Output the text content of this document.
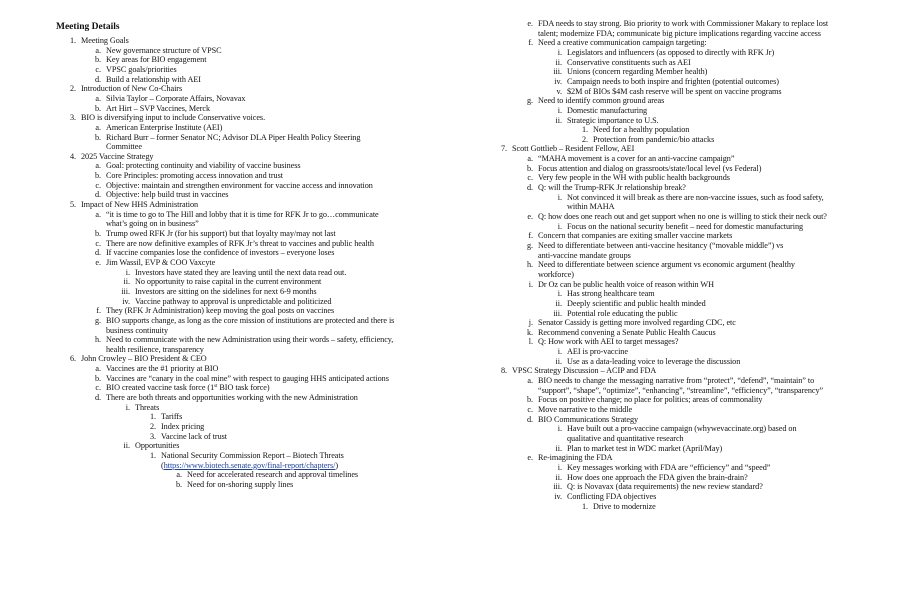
Meeting Details
1. Meeting Goals
a. New governance structure of VPSC
b. Key areas for BIO engagement
c. VPSC goals/priorities
d. Build a relationship with AEI
2. Introduction of New Co-Chairs
a. Silvia Taylor – Corporate Affairs, Novavax
b. Art Hirt – SVP Vaccines, Merck
3. BIO is diversifying input to include Conservative voices.
a. American Enterprise Institute (AEI)
b. Richard Burr – former Senator NC; Advisor DLA Piper Health Policy Steering
Committee
4. 2025 Vaccine Strategy
a. Goal: protecting continuity and viability of vaccine business
b. Core Principles: promoting access innovation and trust
c. Objective: maintain and strengthen environment for vaccine access and innovation
d. Objective: help build trust in vaccines
5. Impact of New HHS Administration
a. “it is time to go to The Hill and lobby that it is time for RFK Jr to go…communicate
what’s going on in business”
b. Trump owed RFK Jr (for his support) but that loyalty may/may not last
c. There are now definitive examples of RFK Jr’s threat to vaccines and public health
d. If vaccine companies lose the confidence of investors – everyone loses
e. Jim Wassil, EVP & COO Vaxcyte
i. Investors have stated they are leaving until the next data read out.
ii. No opportunity to raise capital in the current environment
iii. Investors are sitting on the sidelines for next 6-9 months
iv. Vaccine pathway to approval is unpredictable and politicized
f. They (RFK Jr Administration) keep moving the goal posts on vaccines
g. BIO supports change, as long as the core mission of institutions are protected and there is
business continuity
h. Need to communicate with the new Administration using their words – safety, efficiency,
health resilience, transparency
6. John Crowley – BIO President & CEO
a. Vaccines are the #1 priority at BIO
b. Vaccines are “canary in the coal mine” with respect to gauging HHS anticipated actions
c. BIO created vaccine task force (1st BIO task force)
d. There are both threats and opportunities working with the new Administration
i. Threats
1. Tariffs
2. Index pricing
3. Vaccine lack of trust
ii. Opportunities
1. National Security Commission Report – Biotech Threats
(https://www.biotech.senate.gov/final-report/chapters/)
a. Need for accelerated research and approval timelines
b. Need for on-shoring supply lines
e. FDA needs to stay strong. Bio priority to work with Commissioner Makary to replace lost
talent; modernize FDA; communicate big picture implications regarding vaccine access
f. Need a creative communication campaign targeting:
i. Legislators and influencers (as opposed to directly with RFK Jr)
ii. Conservative constituents such as AEI
iii. Unions (concern regarding Member health)
iv. Campaign needs to both inspire and frighten (potential outcomes)
v. $2M of BIOs $4M cash reserve will be spent on vaccine programs
g. Need to identify common ground areas
i. Domestic manufacturing
ii. Strategic importance to U.S.
1. Need for a healthy population
2. Protection from pandemic/bio attacks
7. Scott Gottlieb – Resident Fellow, AEI
a. “MAHA movement is a cover for an anti-vaccine campaign”
b. Focus attention and dialog on grassroots/state/local level (vs Federal)
c. Very few people in the WH with public health backgrounds
d. Q: will the Trump-RFK Jr relationship break?
i. Not convinced it will break as there are non-vaccine issues, such as food safety,
within MAHA
e. Q: how does one reach out and get support when no one is willing to stick their neck out?
i. Focus on the national security benefit – need for domestic manufacturing
f. Concern that companies are exiting smaller vaccine markets
g. Need to differentiate between anti-vaccine hesitancy (“movable middle”) vs
anti-vaccine mandate groups
h. Need to differentiate between science argument vs economic argument (healthy
workforce)
i. Dr Oz can be public health voice of reason within WH
i. Has strong healthcare team
ii. Deeply scientific and public health minded
iii. Potential role educating the public
j. Senator Cassidy is getting more involved regarding CDC, etc
k. Recommend convening a Senate Public Health Caucus
l. Q: How work with AEI to target messages?
i. AEI is pro-vaccine
ii. Use as a data-leading voice to leverage the discussion
8. VPSC Strategy Discussion – ACIP and FDA
a. BIO needs to change the messaging narrative from “protect”, “defend”, “maintain” to
“support”, “shape”, “optimize”, “enhancing”, “streamline”, “efficiency”, “transparency”
b. Focus on positive change; no place for politics; areas of commonality
c. Move narrative to the middle
d. BIO Communications Strategy
i. Have built out a pro-vaccine campaign (whywevaccinate.org) based on
qualitative and quantitative research
ii. Plan to market test in WDC market (April/May)
e. Re-imagining the FDA
i. Key messages working with FDA are “efficiency” and “speed”
ii. How does one approach the FDA given the brain-drain?
iii. Q: is Novavax (data requirements) the new review standard?
iv. Conflicting FDA objectives
1. Drive to modernize
